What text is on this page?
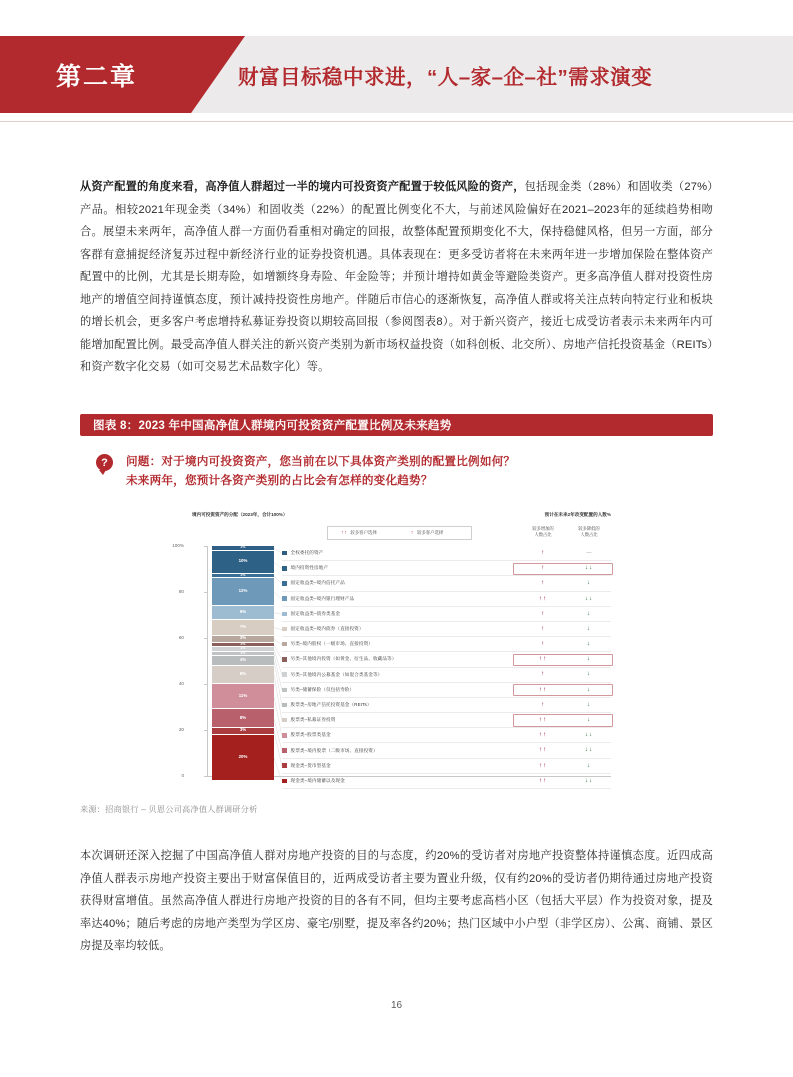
第二章	财富目标稳中求进，“人–家–企–社”需求演变
从资产配置的角度来看，高净值人群超过一半的境内可投资资产配置于较低风险的资产，包括现金类（28%）和固收类（27%）产品。相较2021年现金类（34%）和固收类（22%）的配置比例变化不大，与前述风险偏好在2021–2023年的延续趋势相吻合。展望未来两年，高净值人群一方面仍看重相对确定的回报，故整体配置预期变化不大，保持稳健风格，但另一方面，部分客群有意捕捉经济复苏过程中新经济行业的证券投资机遇。具体表现在：更多受访者将在未来两年进一步增加保险在整体资产配置中的比例，尤其是长期寿险，如增额终身寿险、年金险等；并预计增持如黄金等避险类资产。更多高净值人群对投资性房地产的增值空间持谨慎态度，预计减持投资性房地产。伴随后市信心的逐渐恢复，高净值人群或将关注点转向特定行业和板块的增长机会，更多客户考虑增持私募证券投资以期较高回报（参阅图表8）。对于新兴资产，接近七成受访者表示未来两年内可能增加配置比例。最受高净值人群关注的新兴资产类别为新市场权益投资（如科创板、北交所）、房地产信托投资基金（REITs）和资产数字化交易（如可交易艺术品数字化）等。
图表 8：2023 年中国高净值人群境内可投资资产配置比例及未来趋势
?	问题：对于境内可投资资产，您当前在以下具体资产类别的配置比例如何？
未来两年，您预计各资产类别的占比会有怎样的变化趋势？
境内可投资资产的分配（2023年，合计100%）	预计在未来2年改变配置的人数%
↑↑ 较多客户选择	↑ 较多客户选择
较多增加的
人数占比
较多降低的
人数占比
0
20
40
60
80
100%	2%
10%
2%
12%
6%
7%
3%
2%
2%
2%
4%
8%
11%
8%
3%
20%
全权委托的资产	↑	—
境内投资性房地产	↑	↓↓
固定收益类–境内信托产品	↑	↓
固定收益类–境内银行理财产品	↑↑	↓↓
固定收益类–债券类基金	↑	↓
固定收益类–境内债券（直接投资）	↑	↓
另类–境内股权（一级市场、直接投资）	↑	↓
另类–其他境内投资（如黄金、衍生品、收藏品等）	↑↑	↓
另类–其他境内公募基金（如混合类基金等）	↑	↓
另类–储蓄保险（仅包括寿险）	↑↑	↓
股票类–房地产信托投资基金（REITs）	↑	↓
股票类–私募证券投资	↑↑	↓
股票类–股票类基金	↑↑	↓↓
股票类–境内股票（二级市场、直接投资）	↑↑	↓↓
现金类–货币型基金	↑↑	↓
现金类–境内储蓄以及现金	↑↑	↓↓
来源：招商银行 – 贝恩公司高净值人群调研分析
本次调研还深入挖掘了中国高净值人群对房地产投资的目的与态度，约20%的受访者对房地产投资整体持谨慎态度。近四成高净值人群表示房地产投资主要出于财富保值目的，近两成受访者主要为置业升级，仅有约20%的受访者仍期待通过房地产投资获得财富增值。虽然高净值人群进行房地产投资的目的各有不同，但均主要考虑高档小区（包括大平层）作为投资对象，提及率达40%；随后考虑的房地产类型为学区房、豪宅/别墅，提及率各约20%；热门区域中小户型（非学区房）、公寓、商铺、景区房提及率均较低。
16
